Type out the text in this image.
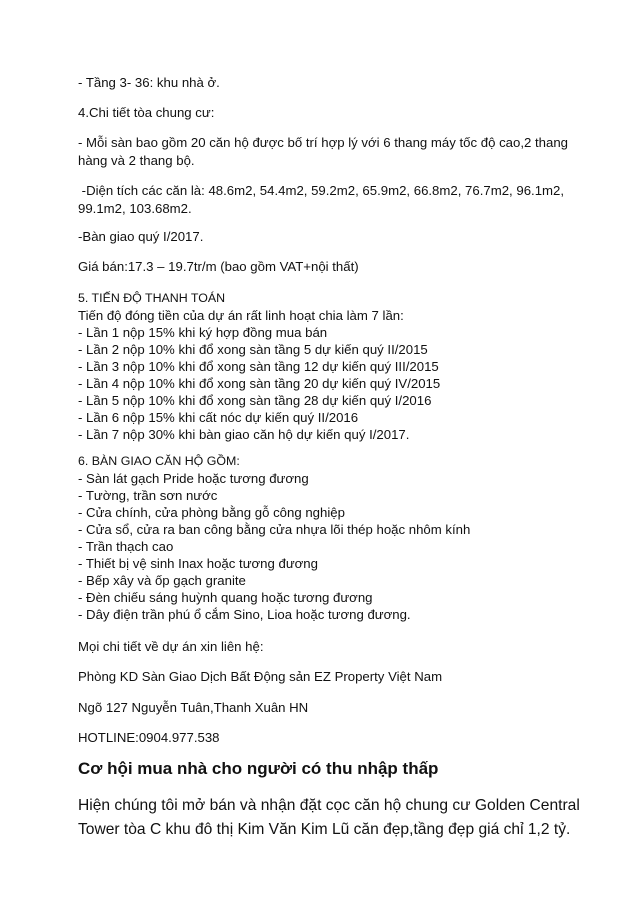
- Tầng 3- 36: khu nhà ở.
4.Chi tiết tòa chung cư:
- Mỗi sàn bao gồm 20 căn hộ được bố trí hợp lý với 6 thang máy tốc độ cao,2 thang hàng và 2 thang bộ.
-Diện tích các căn là: 48.6m2, 54.4m2, 59.2m2, 65.9m2, 66.8m2, 76.7m2, 96.1m2, 99.1m2, 103.68m2.
-Bàn giao quý I/2017.
Giá bán:17.3 – 19.7tr/m (bao gồm VAT+nội thất)
5. TIẾN ĐỘ THANH TOÁN
Tiến độ đóng tiền của dự án rất linh hoạt chia làm 7 lần:
- Lần 1 nộp 15% khi ký hợp đồng mua bán
- Lần 2 nộp 10% khi đổ xong sàn tầng 5 dự kiến quý II/2015
- Lần 3 nộp 10% khi đổ xong sàn tầng 12 dự kiến quý III/2015
- Lần 4 nộp 10% khi đổ xong sàn tầng 20 dự kiến quý IV/2015
- Lần 5 nộp 10% khi đổ xong sàn tầng 28 dự kiến quý I/2016
- Lần 6 nộp 15% khi cất nóc dự kiến quý II/2016
- Lần 7 nộp 30% khi bàn giao căn hộ dự kiến quý I/2017.
6. BÀN GIAO CĂN HỘ GỒM:
- Sàn lát gạch Pride hoặc tương đương
- Tường, trần sơn nước
- Cửa chính, cửa phòng bằng gỗ công nghiệp
- Cửa sổ, cửa ra ban công bằng cửa nhựa lõi thép hoặc nhôm kính
- Trần thạch cao
- Thiết bị vệ sinh Inax hoặc tương đương
- Bếp xây và ốp gạch granite
- Đèn chiếu sáng huỳnh quang hoặc tương đương
- Dây điện trần phú ổ cắm Sino, Lioa hoặc tương đương.
Mọi chi tiết về dự án xin liên hệ:
Phòng KD Sàn Giao Dịch Bất Động sản EZ Property Việt Nam
Ngõ 127 Nguyễn Tuân,Thanh Xuân HN
HOTLINE:0904.977.538
Cơ hội mua nhà cho người có thu nhập thấp
Hiện chúng tôi mở bán và nhận đặt cọc căn hộ chung cư Golden Central Tower tòa C khu đô thị Kim Văn Kim Lũ căn đẹp,tầng đẹp giá chỉ 1,2 tỷ.
